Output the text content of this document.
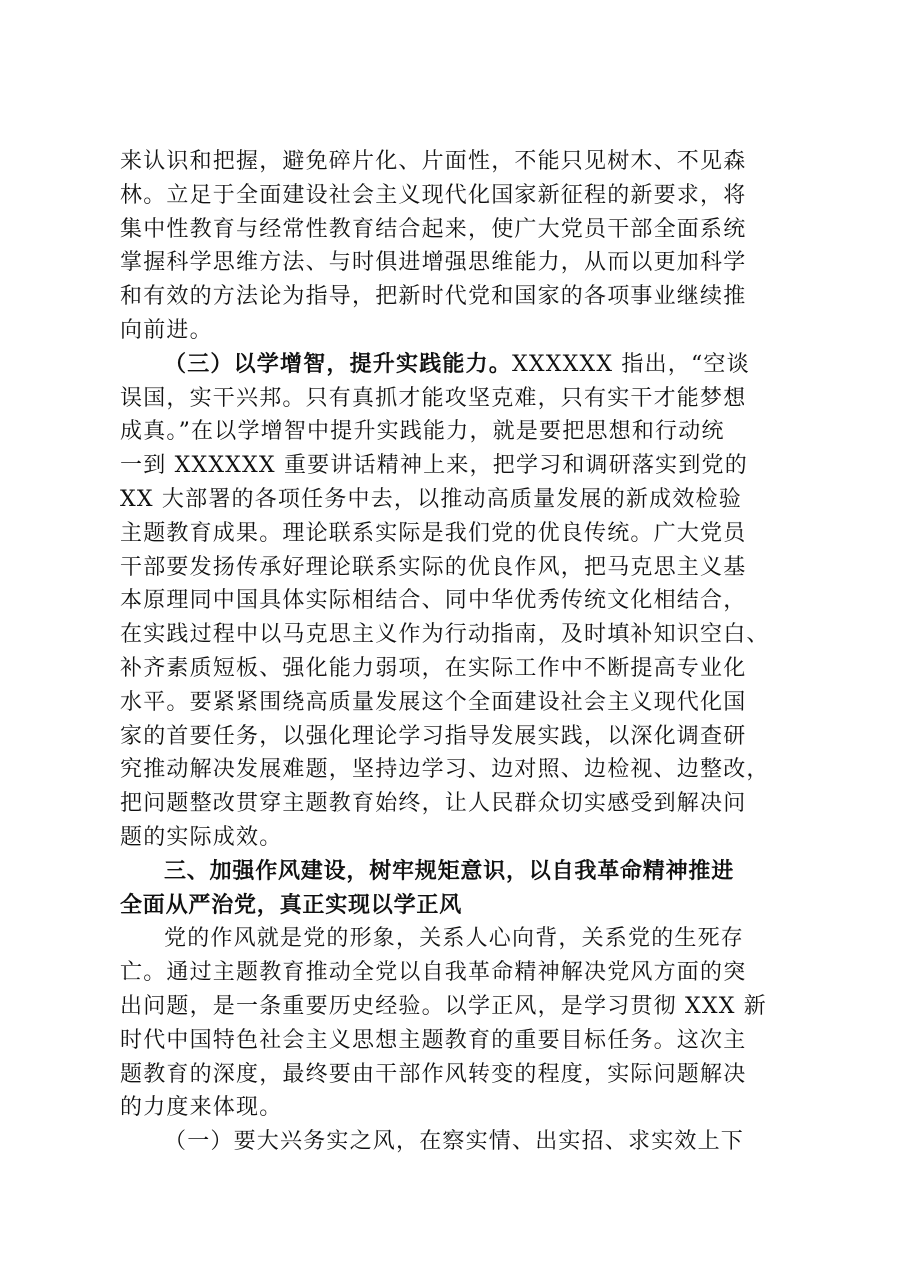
来认识和把握，避免碎片化、片面性，不能只见树木、不见森
林。立足于全面建设社会主义现代化国家新征程的新要求，将
集中性教育与经常性教育结合起来，使广大党员干部全面系统
掌握科学思维方法、与时俱进增强思维能力，从而以更加科学
和有效的方法论为指导，把新时代党和国家的各项事业继续推
向前进。
（三）以学增智，提升实践能力。XXXXXX 指出，“空谈
误国，实干兴邦。只有真抓才能攻坚克难，只有实干才能梦想
成真。”在以学增智中提升实践能力，就是要把思想和行动统
一到 XXXXXX 重要讲话精神上来，把学习和调研落实到党的
XX 大部署的各项任务中去，以推动高质量发展的新成效检验
主题教育成果。理论联系实际是我们党的优良传统。广大党员
干部要发扬传承好理论联系实际的优良作风，把马克思主义基
本原理同中国具体实际相结合、同中华优秀传统文化相结合，
在实践过程中以马克思主义作为行动指南，及时填补知识空白、
补齐素质短板、强化能力弱项，在实际工作中不断提高专业化
水平。要紧紧围绕高质量发展这个全面建设社会主义现代化国
家的首要任务，以强化理论学习指导发展实践，以深化调查研
究推动解决发展难题，坚持边学习、边对照、边检视、边整改，
把问题整改贯穿主题教育始终，让人民群众切实感受到解决问
题的实际成效。
三、加强作风建设，树牢规矩意识，以自我革命精神推进
全面从严治党，真正实现以学正风
党的作风就是党的形象，关系人心向背，关系党的生死存
亡。通过主题教育推动全党以自我革命精神解决党风方面的突
出问题，是一条重要历史经验。以学正风，是学习贯彻 XXX 新
时代中国特色社会主义思想主题教育的重要目标任务。这次主
题教育的深度，最终要由干部作风转变的程度，实际问题解决
的力度来体现。
（一）要大兴务实之风，在察实情、出实招、求实效上下
